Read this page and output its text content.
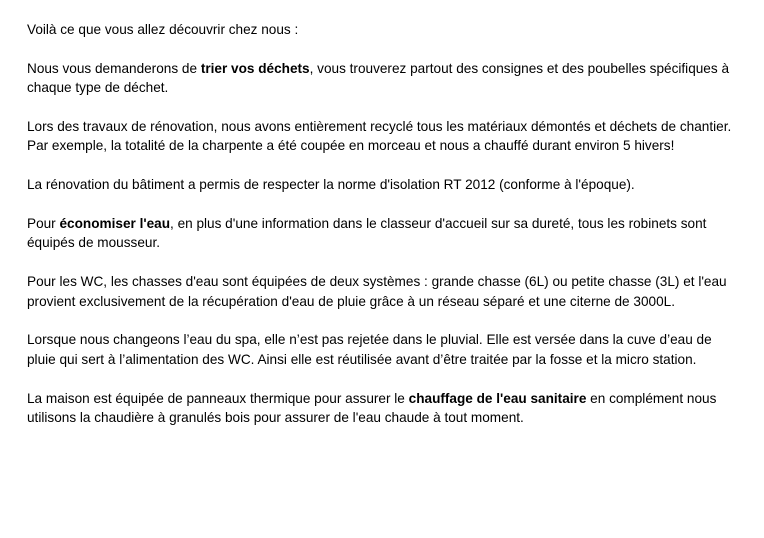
Voilà ce que vous allez découvrir chez nous :

Nous vous demanderons de trier vos déchets, vous trouverez partout des consignes et des poubelles spécifiques à chaque type de déchet.

Lors des travaux de rénovation, nous avons entièrement recyclé tous les matériaux démontés et déchets de chantier. Par exemple, la totalité de la charpente a été coupée en morceau et nous a chauffé durant environ 5 hivers!

La rénovation du bâtiment a permis de respecter la norme d'isolation RT 2012 (conforme à l'époque).

Pour économiser l'eau, en plus d'une information dans le classeur d'accueil sur sa dureté, tous les robinets sont équipés de mousseur.

Pour les WC, les chasses d'eau sont équipées de deux systèmes : grande chasse (6L) ou petite chasse (3L) et l'eau provient exclusivement de la récupération d'eau de pluie grâce à un réseau séparé et une citerne de 3000L.

Lorsque nous changeons l’eau du spa, elle n’est pas rejetée dans le pluvial. Elle est versée dans la cuve d’eau de pluie qui sert à l’alimentation des WC. Ainsi elle est réutilisée avant d’être traitée par la fosse et la micro station.

La maison est équipée de panneaux thermique pour assurer le chauffage de l'eau sanitaire en complément nous utilisons la chaudière à granulés bois pour assurer de l'eau chaude à tout moment.
